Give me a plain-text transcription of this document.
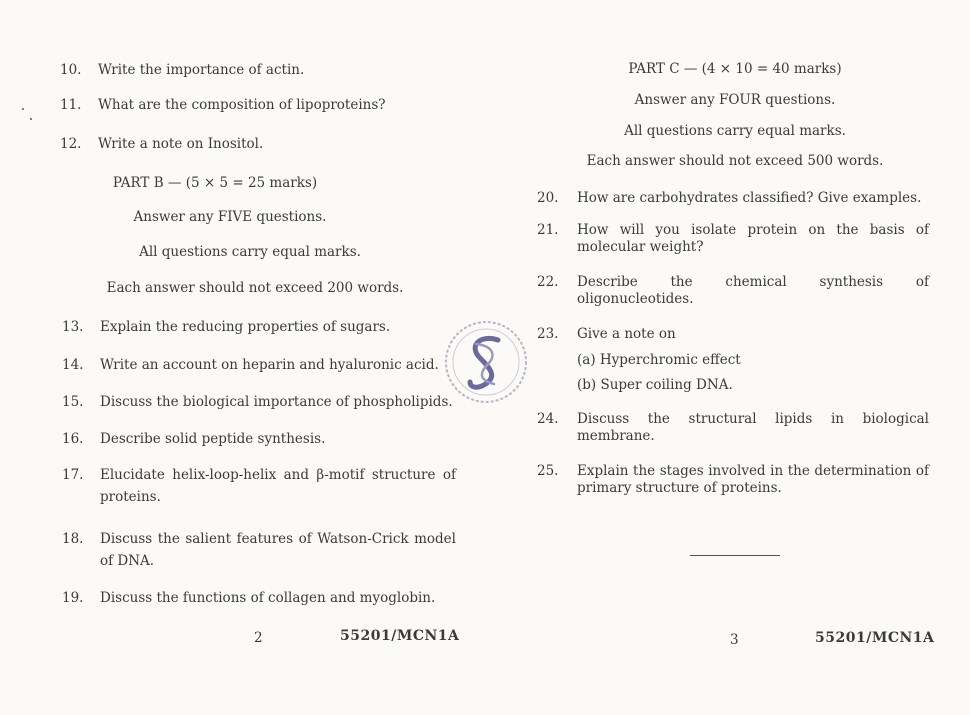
10.	Write the importance of actin.
11.	What are the composition of lipoproteins?
12.	Write a note on Inositol.
PART B — (5 × 5 = 25 marks)
Answer any FIVE questions.
All questions carry equal marks.
Each answer should not exceed 200 words.
13.	Explain the reducing properties of sugars.
14.	Write an account on heparin and hyaluronic acid.
15.	Discuss the biological importance of phospholipids.
16.	Describe solid peptide synthesis.
17.	Elucidate helix-loop-helix and β-motif structure of proteins.
18.	Discuss the salient features of Watson-Crick model of DNA.
19.	Discuss the functions of collagen and myoglobin.
2	55201/MCN1A
PART C — (4 × 10 = 40 marks)
Answer any FOUR questions.
All questions carry equal marks.
Each answer should not exceed 500 words.
20.	How are carbohydrates classified? Give examples.
21.	How will you isolate protein on the basis of molecular weight?
22.	Describe the chemical synthesis of oligonucleotides.
23.	Give a note on
(a) Hyperchromic effect
(b) Super coiling DNA.
24.	Discuss the structural lipids in biological membrane.
25.	Explain the stages involved in the determination of primary structure of proteins.
3	55201/MCN1A
